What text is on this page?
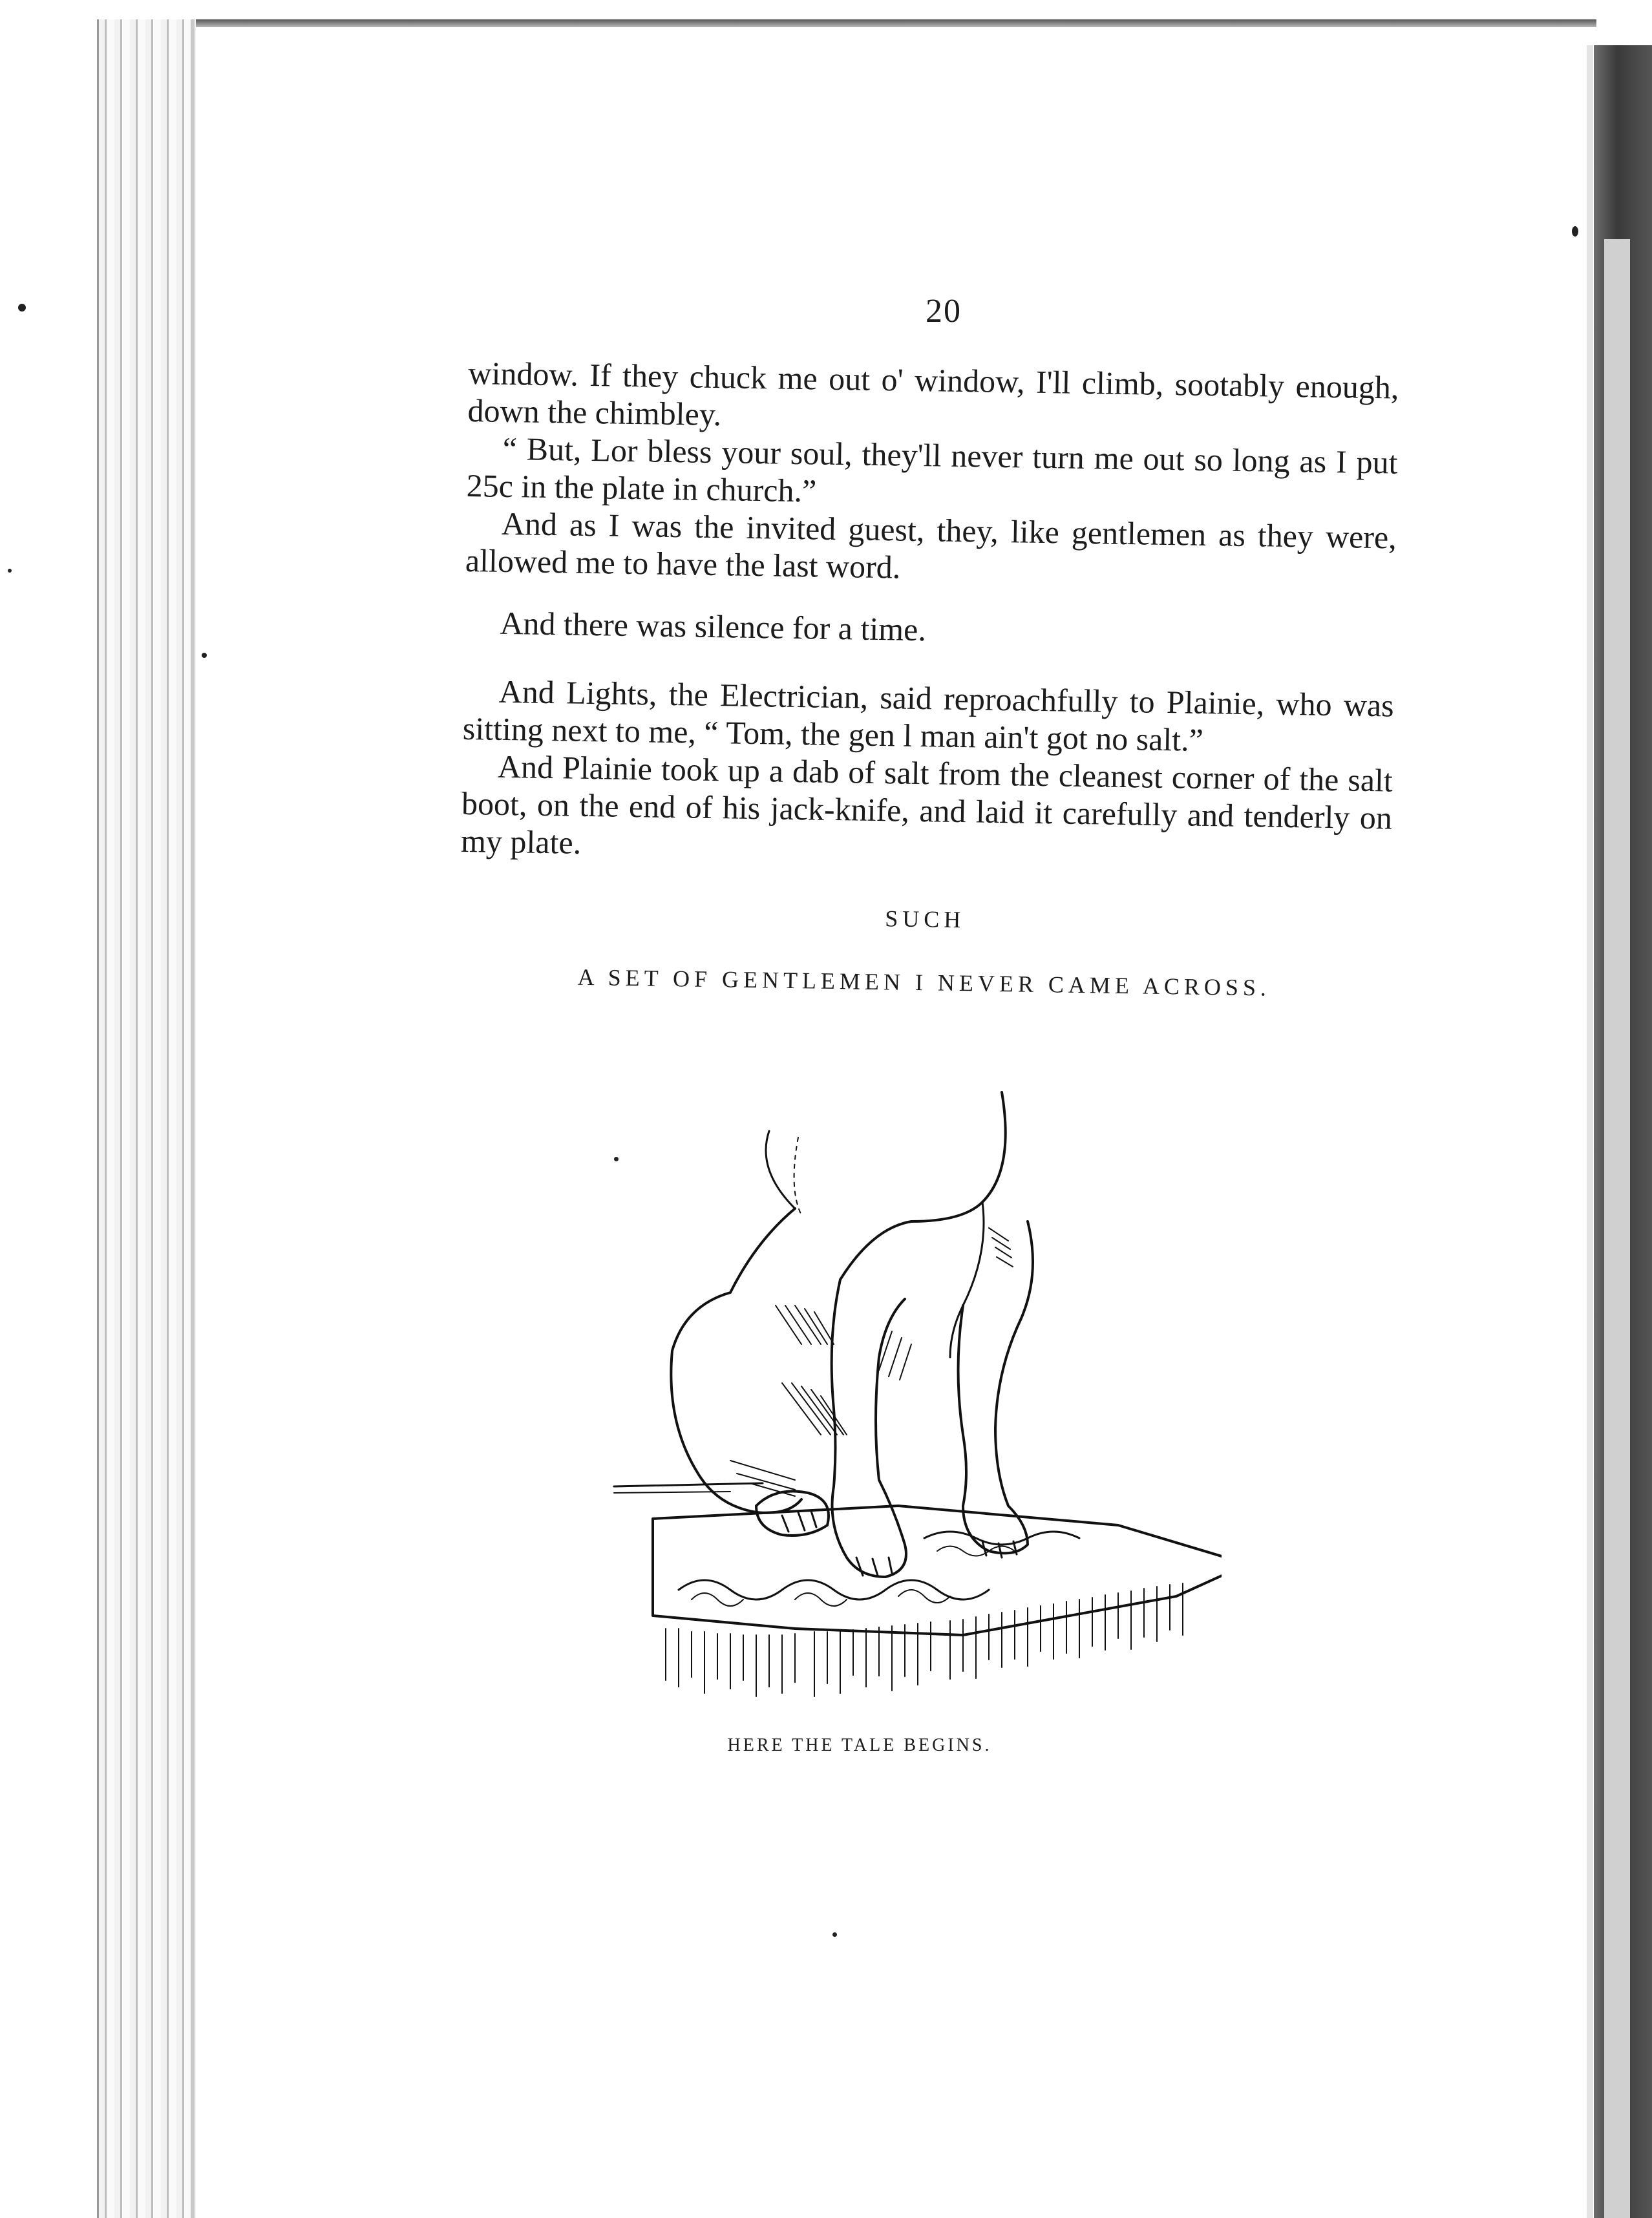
20

window. If they chuck me out o' window, I'll climb, sootably enough, down the chimbley.

“ But, Lor bless your soul, they'll never turn me out so long as I put 25c in the plate in church.”

And as I was the invited guest, they, like gentlemen as they were, allowed me to have the last word.

And there was silence for a time.

And Lights, the Electrician, said reproachfully to Plainie, who was sitting next to me, “ Tom, the gen l man ain't got no salt.”

And Plainie took up a dab of salt from the cleanest corner of the salt boot, on the end of his jack-knife, and laid it carefully and tenderly on my plate.

SUCH

A SET OF GENTLEMEN I NEVER CAME ACROSS.

HERE THE TALE BEGINS.
